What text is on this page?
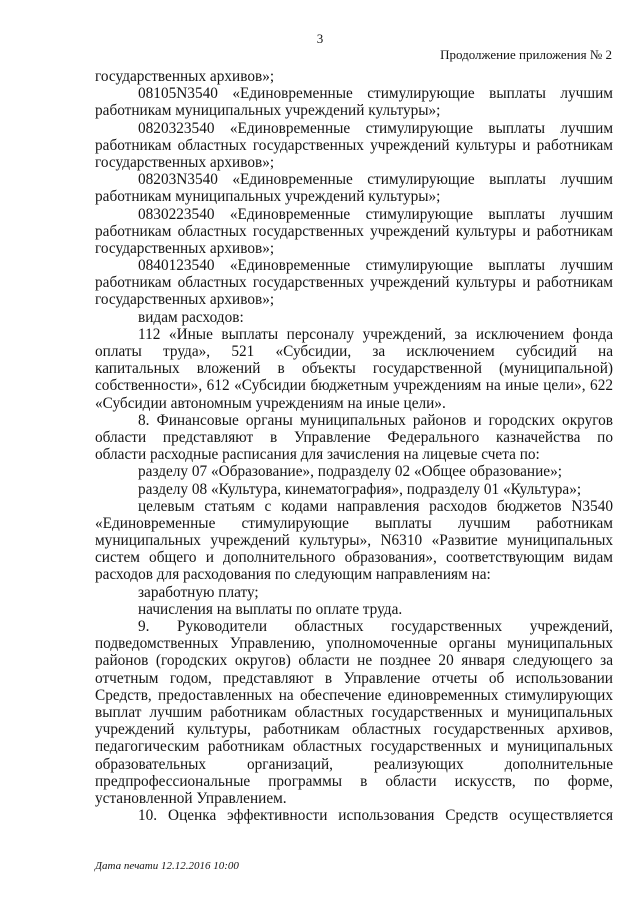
3
Продолжение приложения № 2
государственных архивов»;
08105N3540 «Единовременные стимулирующие выплаты лучшим
работникам муниципальных учреждений культуры»;
0820323540 «Единовременные стимулирующие выплаты лучшим
работникам областных государственных учреждений культуры и работникам
государственных архивов»;
08203N3540 «Единовременные стимулирующие выплаты лучшим
работникам муниципальных учреждений культуры»;
0830223540 «Единовременные стимулирующие выплаты лучшим
работникам областных государственных учреждений культуры и работникам
государственных архивов»;
0840123540 «Единовременные стимулирующие выплаты лучшим
работникам областных государственных учреждений культуры и работникам
государственных архивов»;
видам расходов:
112 «Иные выплаты персоналу учреждений, за исключением фонда
оплаты труда», 521 «Субсидии, за исключением субсидий на
капитальных вложений в объекты государственной (муниципальной)
собственности», 612 «Субсидии бюджетным учреждениям на иные цели», 622
«Субсидии автономным учреждениям на иные цели».
8. Финансовые органы муниципальных районов и городских округов
области представляют в Управление Федерального казначейства по
области расходные расписания для зачисления на лицевые счета по:
разделу 07 «Образование», подразделу 02 «Общее образование»;
разделу 08 «Культура, кинематография», подразделу 01 «Культура»;
целевым статьям с кодами направления расходов бюджетов N3540
«Единовременные стимулирующие выплаты лучшим работникам
муниципальных учреждений культуры», N6310 «Развитие муниципальных
систем общего и дополнительного образования», соответствующим видам
расходов для расходования по следующим направлениям на:
заработную плату;
начисления на выплаты по оплате труда.
9. Руководители областных государственных учреждений,
подведомственных Управлению, уполномоченные органы муниципальных
районов (городских округов) области не позднее 20 января следующего за
отчетным годом, представляют в Управление отчеты об использовании
Средств, предоставленных на обеспечение единовременных стимулирующих
выплат лучшим работникам областных государственных и муниципальных
учреждений культуры, работникам областных государственных архивов,
педагогическим работникам областных государственных и муниципальных
образовательных организаций, реализующих дополнительные
предпрофессиональные программы в области искусств, по форме,
установленной Управлением.
10. Оценка эффективности использования Средств осуществляется
Дата печати 12.12.2016 10:00
